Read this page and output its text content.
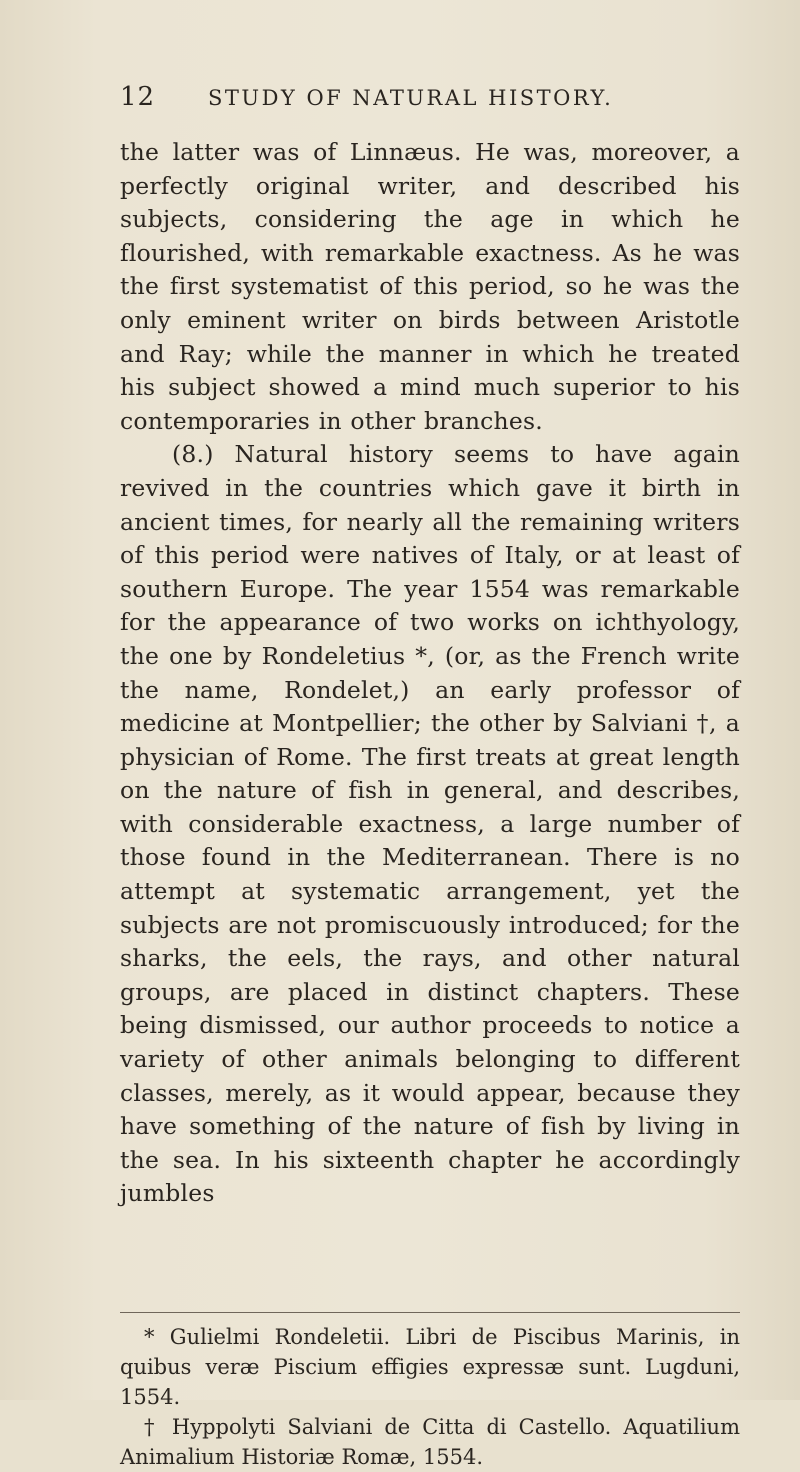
12	STUDY OF NATURAL HISTORY.

the latter was of Linnæus. He was, moreover, a perfectly original writer, and described his subjects, considering the age in which he flourished, with remarkable exactness. As he was the first systematist of this period, so he was the only eminent writer on birds between Aristotle and Ray; while the manner in which he treated his subject showed a mind much superior to his contemporaries in other branches.

(8.) Natural history seems to have again revived in the countries which gave it birth in ancient times, for nearly all the remaining writers of this period were natives of Italy, or at least of southern Europe. The year 1554 was remarkable for the appearance of two works on ichthyology, the one by Rondeletius *, (or, as the French write the name, Rondelet,) an early professor of medicine at Montpellier; the other by Salviani †, a physician of Rome. The first treats at great length on the nature of fish in general, and describes, with considerable exactness, a large number of those found in the Mediterranean. There is no attempt at systematic arrangement, yet the subjects are not promiscuously introduced; for the sharks, the eels, the rays, and other natural groups, are placed in distinct chapters. These being dismissed, our author proceeds to notice a variety of other animals belonging to different classes, merely, as it would appear, because they have something of the nature of fish by living in the sea. In his sixteenth chapter he accordingly jumbles

* Gulielmi Rondeletii. Libri de Piscibus Marinis, in quibus veræ Piscium effigies expressæ sunt. Lugduni, 1554.

† Hyppolyti Salviani de Citta di Castello. Aquatilium Animalium Historiæ Romæ, 1554.
